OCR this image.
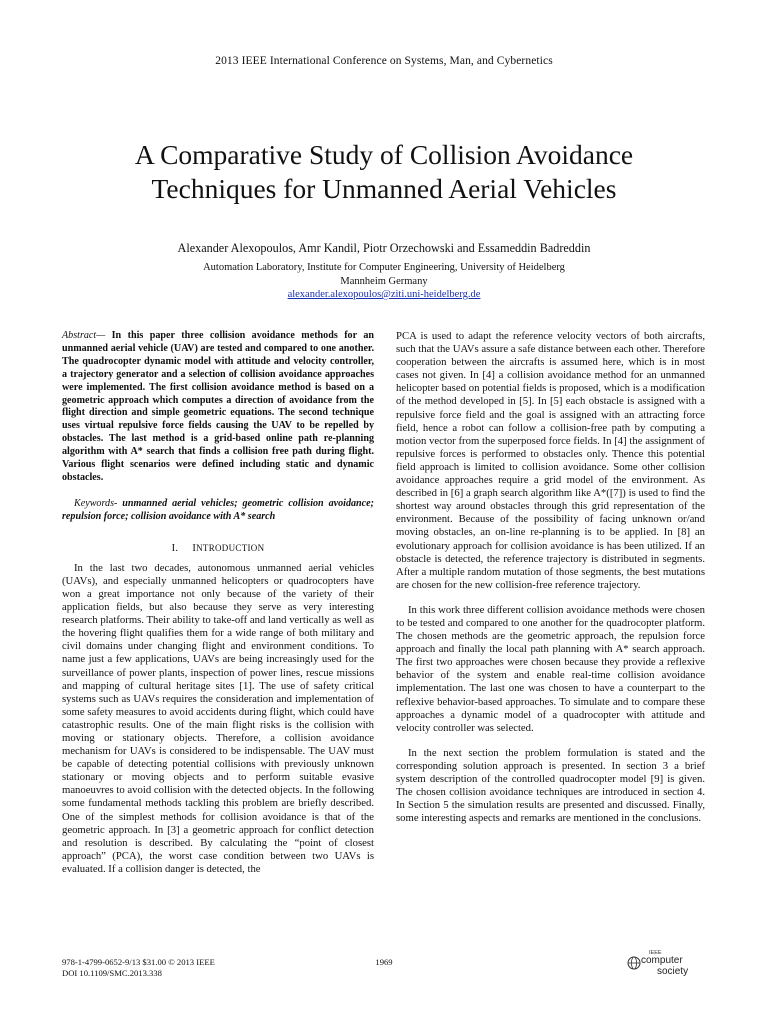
2013 IEEE International Conference on Systems, Man, and Cybernetics
A Comparative Study of Collision Avoidance
Techniques for Unmanned Aerial Vehicles
Alexander Alexopoulos, Amr Kandil, Piotr Orzechowski and Essameddin Badreddin
Automation Laboratory, Institute for Computer Engineering, University of Heidelberg
Mannheim Germany
alexander.alexopoulos@ziti.uni-heidelberg.de
Abstract— In this paper three collision avoidance methods for an unmanned aerial vehicle (UAV) are tested and compared to one another. The quadrocopter dynamic model with attitude and velocity controller, a trajectory generator and a selection of collision avoidance approaches were implemented. The first collision avoidance method is based on a geometric approach which computes a direction of avoidance from the flight direction and simple geometric equations. The second technique uses virtual repulsive force fields causing the UAV to be repelled by obstacles. The last method is a grid-based online path re-planning algorithm with A* search that finds a collision free path during flight. Various flight scenarios were defined including static and dynamic obstacles.
Keywords- unmanned aerial vehicles; geometric collision avoidance; repulsion force; collision avoidance with A* search
I. INTRODUCTION

In the last two decades, autonomous unmanned aerial vehicles (UAVs), and especially unmanned helicopters or quadrocopters have won a great importance not only because of the variety of their application fields, but also because they serve as very interesting research platforms. Their ability to take-off and land vertically as well as the hovering flight qualifies them for a wide range of both military and civil domains under changing flight and environment conditions. To name just a few applications, UAVs are being increasingly used for the surveillance of power plants, inspection of power lines, rescue missions and mapping of cultural heritage sites [1]. The use of safety critical systems such as UAVs requires the consideration and implementation of some safety measures to avoid accidents during flight, which could have catastrophic results. One of the main flight risks is the collision with moving or stationary objects. Therefore, a collision avoidance mechanism for UAVs is considered to be indispensable. The UAV must be capable of detecting potential collisions with previously unknown stationary or moving objects and to perform suitable evasive manoeuvres to avoid collision with the detected objects. In the following some fundamental methods tackling this problem are briefly described. One of the simplest methods for collision avoidance is that of the geometric approach. In [3] a geometric approach for conflict detection and resolution is described. By calculating the “point of closest approach” (PCA), the worst case condition between two UAVs is evaluated. If a collision danger is detected, the

PCA is used to adapt the reference velocity vectors of both aircrafts, such that the UAVs assure a safe distance between each other. Therefore cooperation between the aircrafts is assumed here, which is in most cases not given. In [4] a collision avoidance method for an unmanned helicopter based on potential fields is proposed, which is a modification of the method developed in [5]. In [5] each obstacle is assigned with a repulsive force field and the goal is assigned with an attracting force field, hence a robot can follow a collision-free path by computing a motion vector from the superposed force fields. In [4] the assignment of repulsive forces is performed to obstacles only. Thence this potential field approach is limited to collision avoidance. Some other collision avoidance approaches require a grid model of the environment. As described in [6] a graph search algorithm like A*([7]) is used to find the shortest way around obstacles through this grid representation of the environment. Because of the possibility of facing unknown or/and moving obstacles, an on-line re-planning is to be applied. In [8] an evolutionary approach for collision avoidance is has been utilized. If an obstacle is detected, the reference trajectory is distributed in segments. After a multiple random mutation of those segments, the best mutations are chosen for the new collision-free reference trajectory.

In this work three different collision avoidance methods were chosen to be tested and compared to one another for the quadrocopter platform. The chosen methods are the geometric approach, the repulsion force approach and finally the local path planning with A* search approach. The first two approaches were chosen because they provide a reflexive behavior of the system and enable real-time collision avoidance implementation. The last one was chosen to have a counterpart to the reflexive behavior-based approaches. To simulate and to compare these approaches a dynamic model of a quadrocopter with attitude and velocity controller was selected.

In the next section the problem formulation is stated and the corresponding solution approach is presented. In section 3 a brief system description of the controlled quadrocopter model [9] is given. The chosen collision avoidance techniques are introduced in section 4. In Section 5 the simulation results are presented and discussed. Finally, some interesting aspects and remarks are mentioned in the conclusions.

978-1-4799-0652-9/13 $31.00 © 2013 IEEE
DOI 10.1109/SMC.2013.338
1969
IEEE
computer
society
